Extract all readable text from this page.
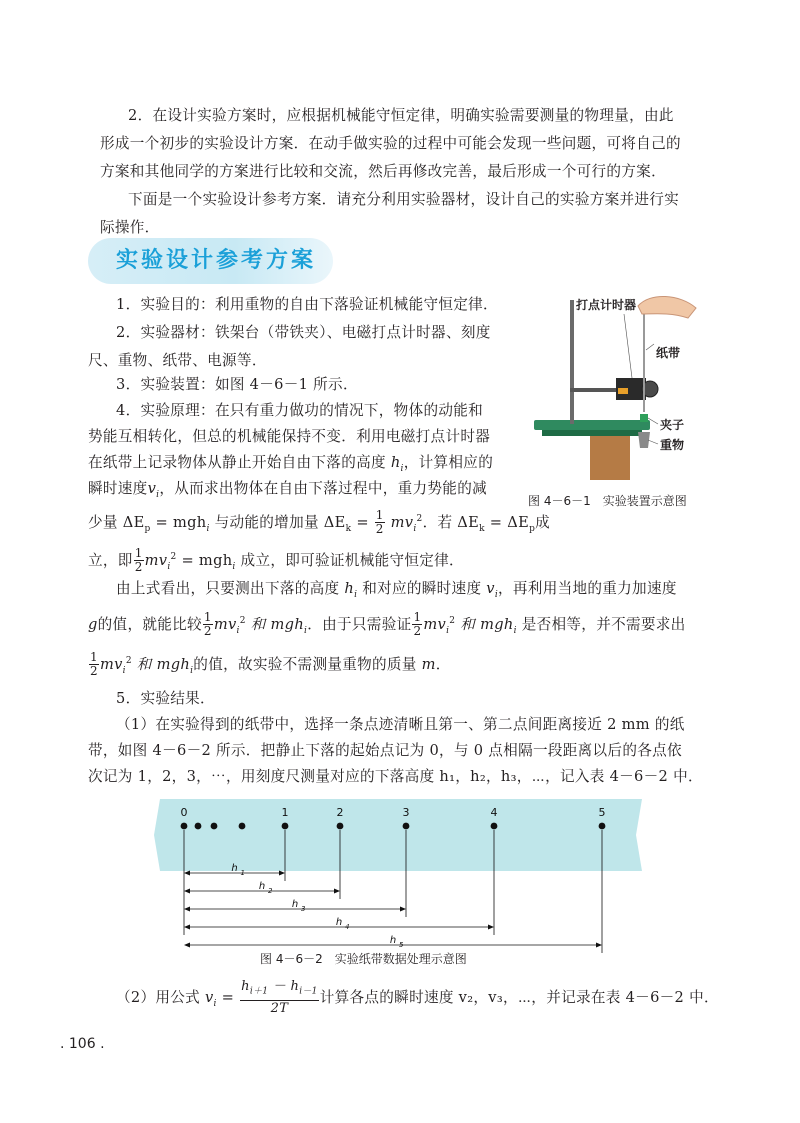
2．在设计实验方案时，应根据机械能守恒定律，明确实验需要测量的物理量，由此
形成一个初步的实验设计方案．在动手做实验的过程中可能会发现一些问题，可将自己的
方案和其他同学的方案进行比较和交流，然后再修改完善，最后形成一个可行的方案．
下面是一个实验设计参考方案．请充分利用实验器材，设计自己的实验方案并进行实
际操作．
实验设计参考方案
1．实验目的：利用重物的自由下落验证机械能守恒定律．
2．实验器材：铁架台（带铁夹）、电磁打点计时器、刻度
尺、重物、纸带、电源等．
3．实验装置：如图 4－6－1 所示．
4．实验原理：在只有重力做功的情况下，物体的动能和
势能互相转化，但总的机械能保持不变．利用电磁打点计时器
在纸带上记录物体从静止开始自由下落的高度 $h_i$，计算相应的
瞬时速度$v_i$，从而求出物体在自由下落过程中，重力势能的减
少量 $\Delta E_p = mgh_i$ 与动能的增加量 $\Delta E_k = \frac{1}{2} mv_i^2$．若 $\Delta E_k = \Delta E_p$成
立，即 $\frac{1}{2} mv_i^2 = mgh_i$ 成立，即可验证机械能守恒定律．
由上式看出，只要测出下落的高度 $h_i$ 和对应的瞬时速度 $v_i$，再利用当地的重力加速度
g的值，就能比较 $\frac{1}{2} mv_i^2$ 和 mgh$_i$．由于只需验证 $\frac{1}{2} mv_i^2$ 和 mgh$_i$ 是否相等，并不需要求出
$\frac{1}{2} mv_i^2$ 和 mgh$_i$的值，故实验不需测量重物的质量 m．
5．实验结果．
（1）在实验得到的纸带中，选择一条点迹清晰且第一、第二点间距离接近 2 mm 的纸
带，如图 4－6－2 所示．把静止下落的起始点记为 0，与 0 点相隔一段距离以后的各点依
次记为 1，2，3，⋯，用刻度尺测量对应的下落高度 h₁，h₂，h₃，⋯，记入表 4－6－2 中．
打点计时器
纸带
夹子
重物
图 4－6－1　实验装置示意图
0	1	2	3	4	5
h 1
h 2
h 3
h 4
h 5
图 4－6－2　实验纸带数据处理示意图
（2）用公式 $v_i = \frac{h_{i+1} - h_{i-1}}{2T}$ 计算各点的瞬时速度 v₂，v₃，⋯，并记录在表 4－6－2 中．
. 106 .
